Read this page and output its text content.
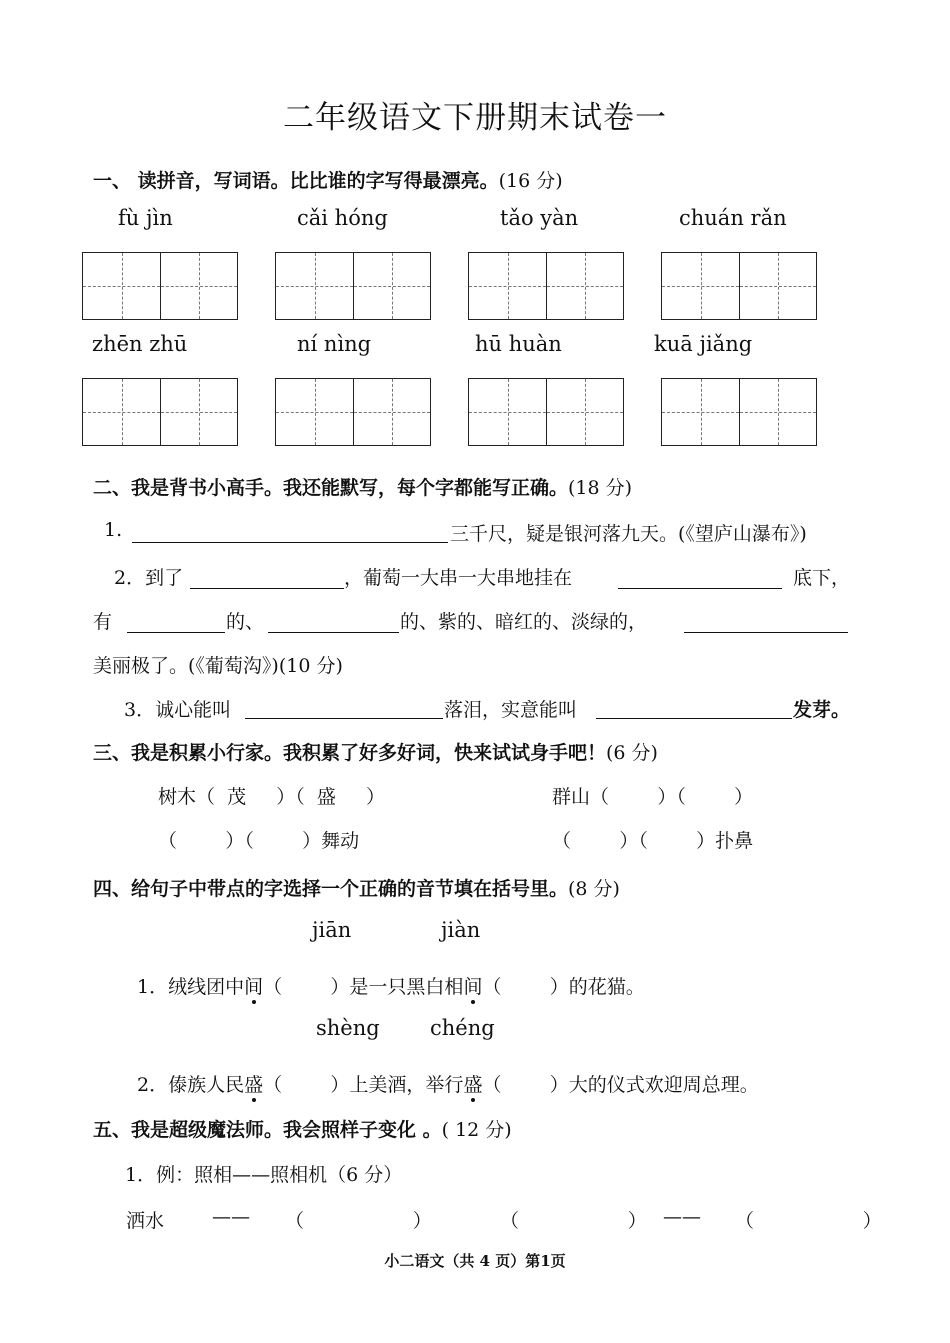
二年级语文下册期末试卷一
一、 读拼音，写词语。比比谁的字写得最漂亮。(16 分)
fù jìn	cǎi hóng	tǎo yàn	chuán rǎn
zhēn zhū	ní nìng	hū huàn	kuā jiǎng
二、我是背书小高手。我还能默写，每个字都能写正确。(18 分)
1.	三千尺，疑是银河落九天。(《望庐山瀑布》)
2．到了	，葡萄一大串一大串地挂在	底下，
有	的、	的、紫的、暗红的、淡绿的，
美丽极了。(《葡萄沟》)(10 分)
3．诚心能叫	落泪，实意能叫	发芽。
三、我是积累小行家。我积累了好多好词，快来试试身手吧！(6 分)
树木（  茂     ）（  盛     ）	群山（        ）（        ）
（        ）（        ）舞动	（        ）（        ）扑鼻
四、给句子中带点的字选择一个正确的音节填在括号里。(8 分)
jiān	jiàn
1．绒线团中间（        ）是一只黑白相间（        ）的花猫。
shèng chéng
2．傣族人民盛（        ）上美酒，举行盛（        ）大的仪式欢迎周总理。
五、我是超级魔法师。我会照样子变化 。( 12 分)
1．例：照相——照相机（6 分）
洒水	—— （                  ）	（                  ） —— （                  ）
小二语文（共 4 页）第1页
